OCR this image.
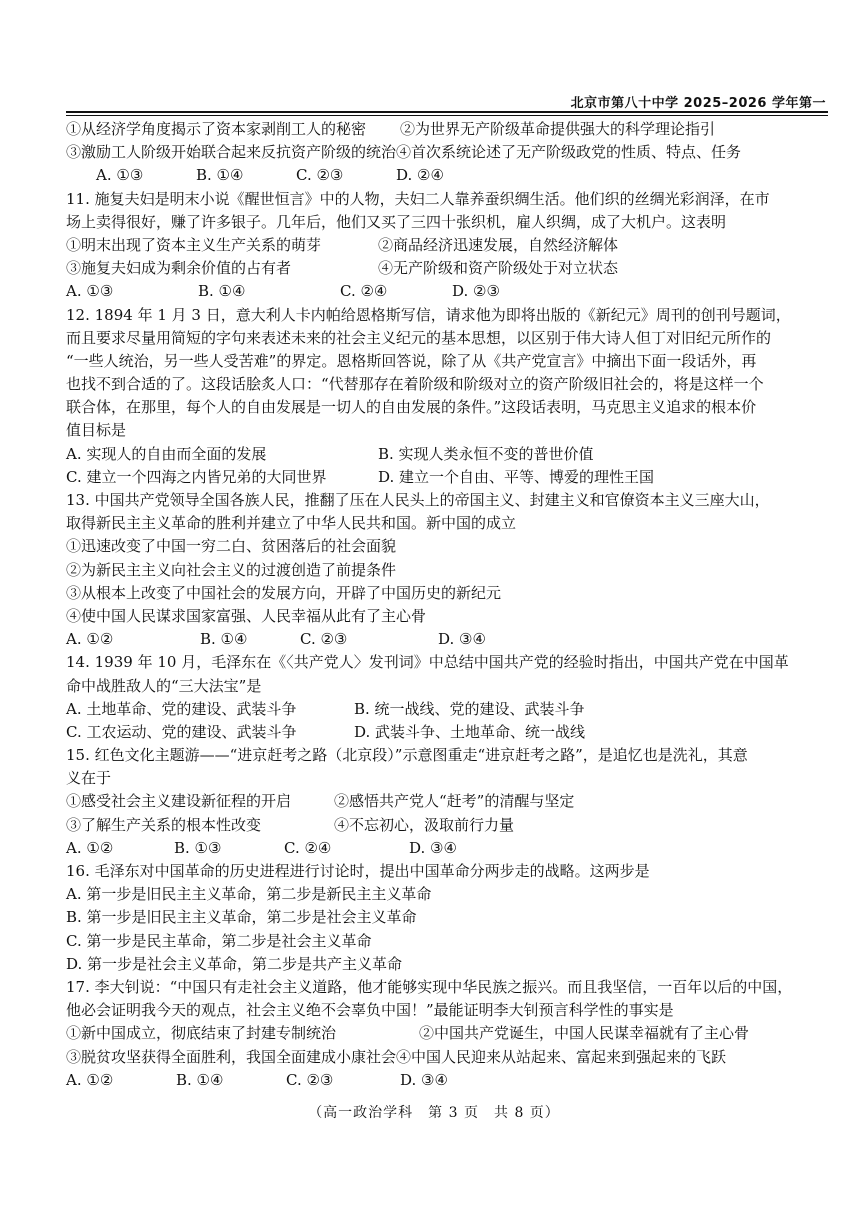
北京市第八十中学 2025–2026 学年第一
①从经济学角度揭示了资本家剥削工人的秘密 ②为世界无产阶级革命提供强大的科学理论指引
③激励工人阶级开始联合起来反抗资产阶级的统治④首次系统论述了无产阶级政党的性质、特点、任务
A. ①③	B. ①④	C. ②③	D. ②④
11. 施复夫妇是明末小说《醒世恒言》中的人物，夫妇二人靠养蚕织绸生活。他们织的丝绸光彩润泽，在市
场上卖得很好，赚了许多银子。几年后，他们又买了三四十张织机，雇人织绸，成了大机户。这表明
①明末出现了资本主义生产关系的萌芽	②商品经济迅速发展，自然经济解体
③施复夫妇成为剩余价值的占有者	④无产阶级和资产阶级处于对立状态
A. ①③	B. ①④	C. ②④	D. ②③
12. 1894 年 1 月 3 日，意大利人卡内帕给恩格斯写信，请求他为即将出版的《新纪元》周刊的创刊号题词，
而且要求尽量用简短的字句来表述未来的社会主义纪元的基本思想，以区别于伟大诗人但丁对旧纪元所作的
“一些人统治，另一些人受苦难”的界定。恩格斯回答说，除了从《共产党宣言》中摘出下面一段话外，再
也找不到合适的了。这段话脍炙人口：“代替那存在着阶级和阶级对立的资产阶级旧社会的，将是这样一个
联合体，在那里，每个人的自由发展是一切人的自由发展的条件。”这段话表明，马克思主义追求的根本价
值目标是
A. 实现人的自由而全面的发展	B. 实现人类永恒不变的普世价值
C. 建立一个四海之内皆兄弟的大同世界	D. 建立一个自由、平等、博爱的理性王国
13. 中国共产党领导全国各族人民，推翻了压在人民头上的帝国主义、封建主义和官僚资本主义三座大山，
取得新民主主义革命的胜利并建立了中华人民共和国。新中国的成立
①迅速改变了中国一穷二白、贫困落后的社会面貌
②为新民主主义向社会主义的过渡创造了前提条件
③从根本上改变了中国社会的发展方向，开辟了中国历史的新纪元
④使中国人民谋求国家富强、人民幸福从此有了主心骨
A. ①②	B. ①④	C. ②③	D. ③④
14. 1939 年 10 月，毛泽东在《〈共产党人〉发刊词》中总结中国共产党的经验时指出，中国共产党在中国革
命中战胜敌人的“三大法宝”是
A. 土地革命、党的建设、武装斗争	B. 统一战线、党的建设、武装斗争
C. 工农运动、党的建设、武装斗争	D. 武装斗争、土地革命、统一战线
15. 红色文化主题游——“进京赶考之路（北京段）”示意图重走“进京赶考之路”，是追忆也是洗礼，其意
义在于
①感受社会主义建设新征程的开启	②感悟共产党人“赶考”的清醒与坚定
③了解生产关系的根本性改变	④不忘初心，汲取前行力量
A. ①②	B. ①③	C. ②④	D. ③④
16. 毛泽东对中国革命的历史进程进行讨论时，提出中国革命分两步走的战略。这两步是
A. 第一步是旧民主主义革命，第二步是新民主主义革命
B. 第一步是旧民主主义革命，第二步是社会主义革命
C. 第一步是民主革命，第二步是社会主义革命
D. 第一步是社会主义革命，第二步是共产主义革命
17. 李大钊说：“中国只有走社会主义道路，他才能够实现中华民族之振兴。而且我坚信，一百年以后的中国，
他必会证明我今天的观点，社会主义绝不会辜负中国！”最能证明李大钊预言科学性的事实是
①新中国成立，彻底结束了封建专制统治	②中国共产党诞生，中国人民谋幸福就有了主心骨
③脱贫攻坚获得全面胜利，我国全面建成小康社会④中国人民迎来从站起来、富起来到强起来的飞跃
A. ①②	B. ①④	C. ②③	D. ③④
（高一政治学科　第 3 页　共 8 页）
